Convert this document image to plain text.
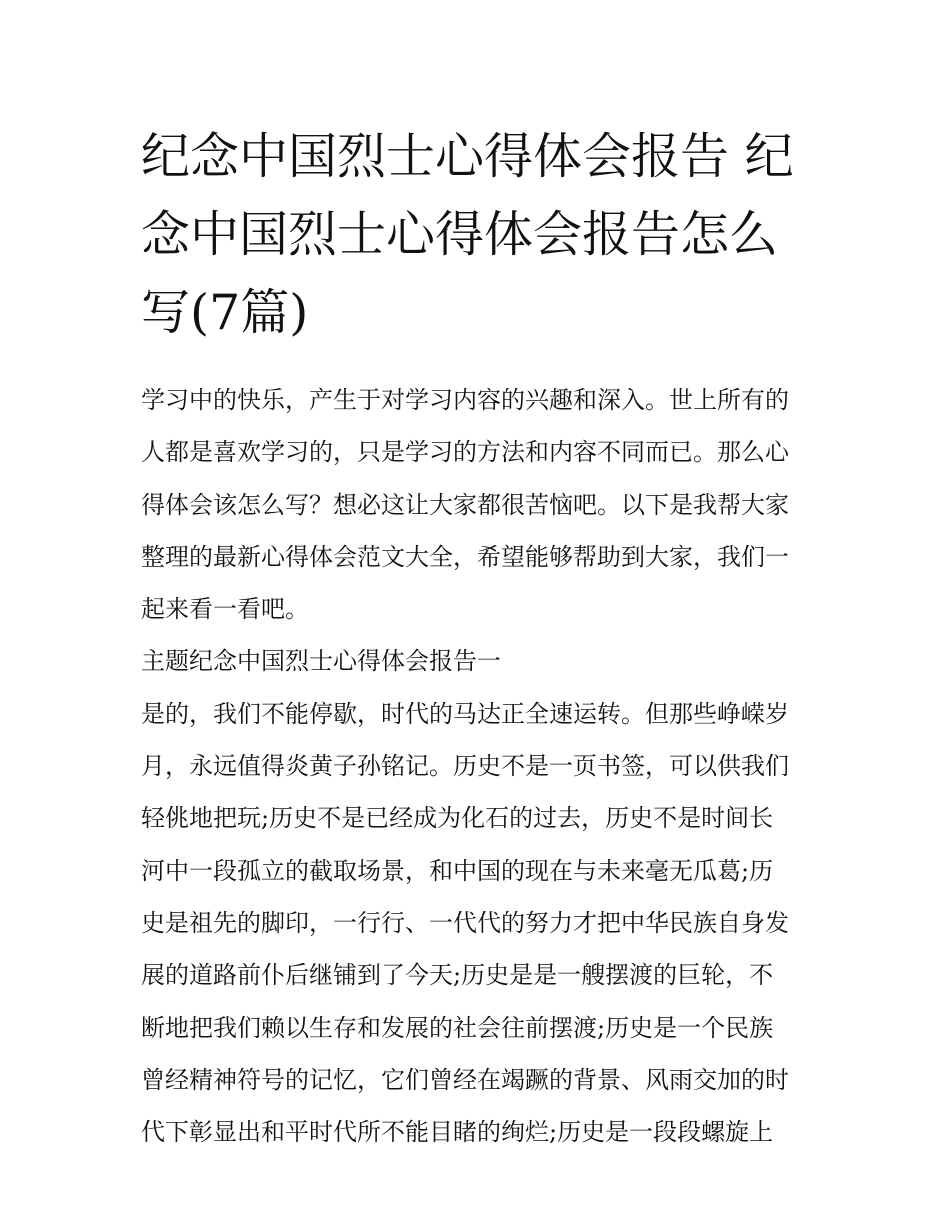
纪念中国烈士心得体会报告 纪
念中国烈士心得体会报告怎么
写(7篇)
学习中的快乐，产生于对学习内容的兴趣和深入。世上所有的
人都是喜欢学习的，只是学习的方法和内容不同而已。那么心
得体会该怎么写？想必这让大家都很苦恼吧。以下是我帮大家
整理的最新心得体会范文大全，希望能够帮助到大家，我们一
起来看一看吧。
主题纪念中国烈士心得体会报告一
是的，我们不能停歇，时代的马达正全速运转。但那些峥嵘岁
月，永远值得炎黄子孙铭记。历史不是一页书签，可以供我们
轻佻地把玩;历史不是已经成为化石的过去，历史不是时间长
河中一段孤立的截取场景，和中国的现在与未来毫无瓜葛;历
史是祖先的脚印，一行行、一代代的努力才把中华民族自身发
展的道路前仆后继铺到了今天;历史是是一艘摆渡的巨轮，不
断地把我们赖以生存和发展的社会往前摆渡;历史是一个民族
曾经精神符号的记忆，它们曾经在竭蹶的背景、风雨交加的时
代下彰显出和平时代所不能目睹的绚烂;历史是一段段螺旋上
